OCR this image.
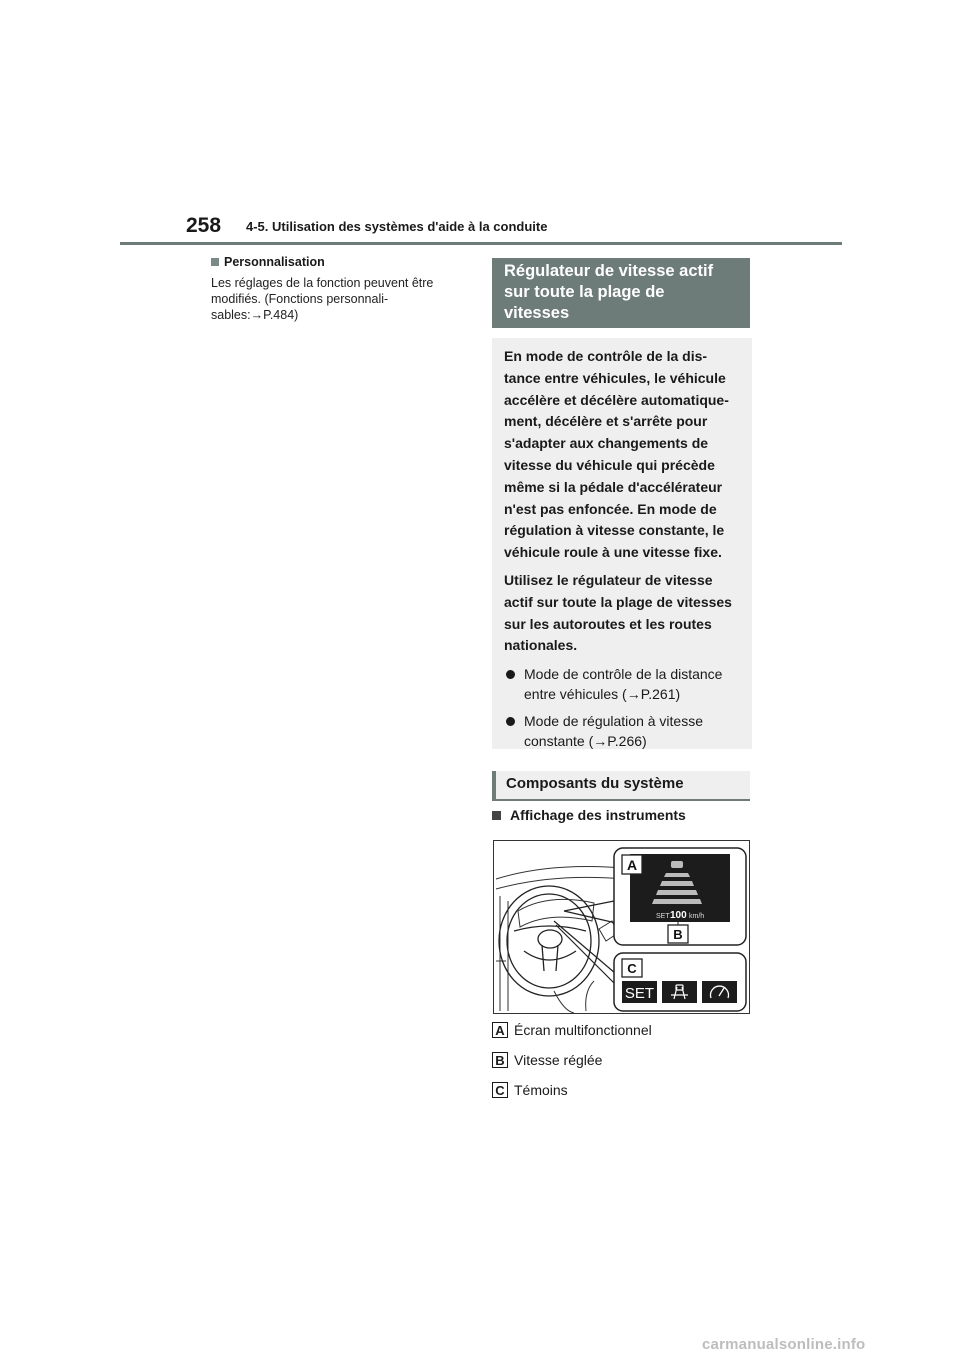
258 4-5. Utilisation des systèmes d'aide à la conduite
Personnalisation
Les réglages de la fonction peuvent être
modifiés. (Fonctions personnali-
sables:→P.484)
Régulateur de vitesse actif
sur toute la plage de
vitesses
En mode de contrôle de la dis-
tance entre véhicules, le véhicule
accélère et décélère automatique-
ment, décélère et s'arrête pour
s'adapter aux changements de
vitesse du véhicule qui précède
même si la pédale d'accélérateur
n'est pas enfoncée. En mode de
régulation à vitesse constante, le
véhicule roule à une vitesse fixe.
Utilisez le régulateur de vitesse
actif sur toute la plage de vitesses
sur les autoroutes et les routes
nationales.
Mode de contrôle de la distance
entre véhicules (→P.261)
Mode de régulation à vitesse
constante (→P.266)
Composants du système
Affichage des instruments
SET 100 km/h
A
B
C
SET
A Écran multifonctionnel
B Vitesse réglée
C Témoins
carmanualsonline.info
